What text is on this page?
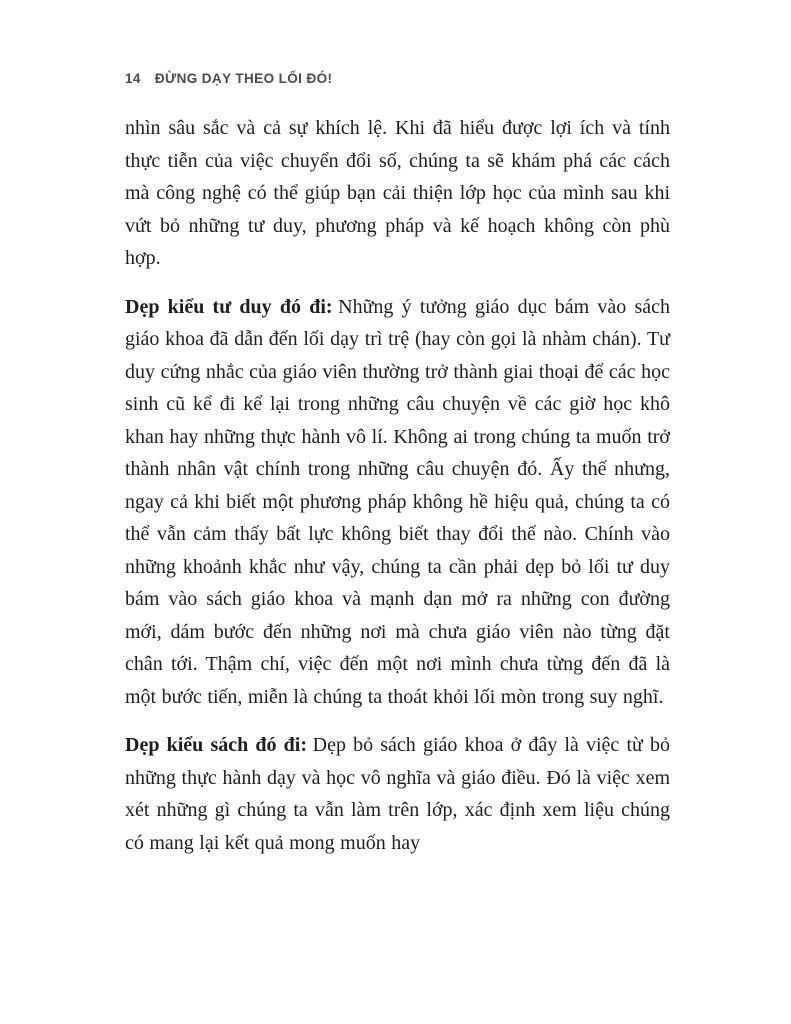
14 ĐỪNG DẠY THEO LỐI ĐÓ!

nhìn sâu sắc và cả sự khích lệ. Khi đã hiểu được lợi ích và tính thực tiễn của việc chuyển đổi số, chúng ta sẽ khám phá các cách mà công nghệ có thể giúp bạn cải thiện lớp học của mình sau khi vứt bỏ những tư duy, phương pháp và kế hoạch không còn phù hợp.

Dẹp kiểu tư duy đó đi: Những ý tưởng giáo dục bám vào sách giáo khoa đã dẫn đến lối dạy trì trệ (hay còn gọi là nhàm chán). Tư duy cứng nhắc của giáo viên thường trở thành giai thoại để các học sinh cũ kể đi kể lại trong những câu chuyện về các giờ học khô khan hay những thực hành vô lí. Không ai trong chúng ta muốn trở thành nhân vật chính trong những câu chuyện đó. Ấy thế nhưng, ngay cả khi biết một phương pháp không hề hiệu quả, chúng ta có thể vẫn cảm thấy bất lực không biết thay đổi thế nào. Chính vào những khoảnh khắc như vậy, chúng ta cần phải dẹp bỏ lối tư duy bám vào sách giáo khoa và mạnh dạn mở ra những con đường mới, dám bước đến những nơi mà chưa giáo viên nào từng đặt chân tới. Thậm chí, việc đến một nơi mình chưa từng đến đã là một bước tiến, miễn là chúng ta thoát khỏi lối mòn trong suy nghĩ.

Dẹp kiểu sách đó đi: Dẹp bỏ sách giáo khoa ở đây là việc từ bỏ những thực hành dạy và học vô nghĩa và giáo điều. Đó là việc xem xét những gì chúng ta vẫn làm trên lớp, xác định xem liệu chúng có mang lại kết quả mong muốn hay
